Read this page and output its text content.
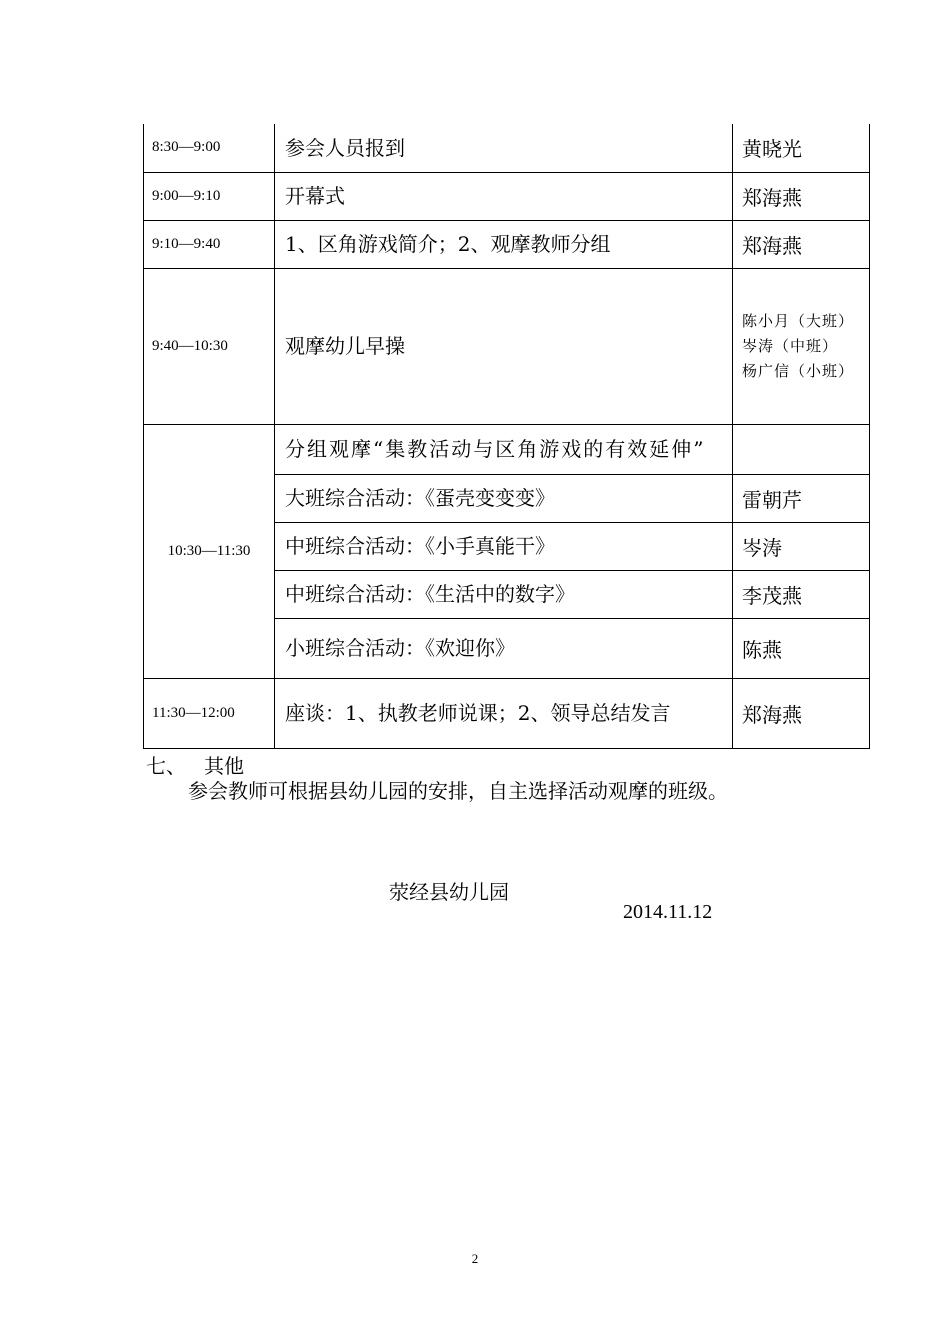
8:30—9:00	参会人员报到	黄晓光
9:00—9:10	开幕式	郑海燕
9:10—9:40	1、区角游戏简介；2、观摩教师分组	郑海燕
9:40—10:30	观摩幼儿早操	陈小月（大班）
岑涛（中班）
杨广信（小班）

10:30—11:30	分组观摩“集教活动与区角游戏的有效延伸”	
	大班综合活动：《蛋壳变变变》	雷朝芹
	中班综合活动：《小手真能干》	岑涛
	中班综合活动：《生活中的数字》	李茂燕
	小班综合活动：《欢迎你》	陈燕
11:30—12:00	座谈：1、执教老师说课；2、领导总结发言	郑海燕
七、 其他
参会教师可根据县幼儿园的安排，自主选择活动观摩的班级。
荥经县幼儿园
2014.11.12
2
